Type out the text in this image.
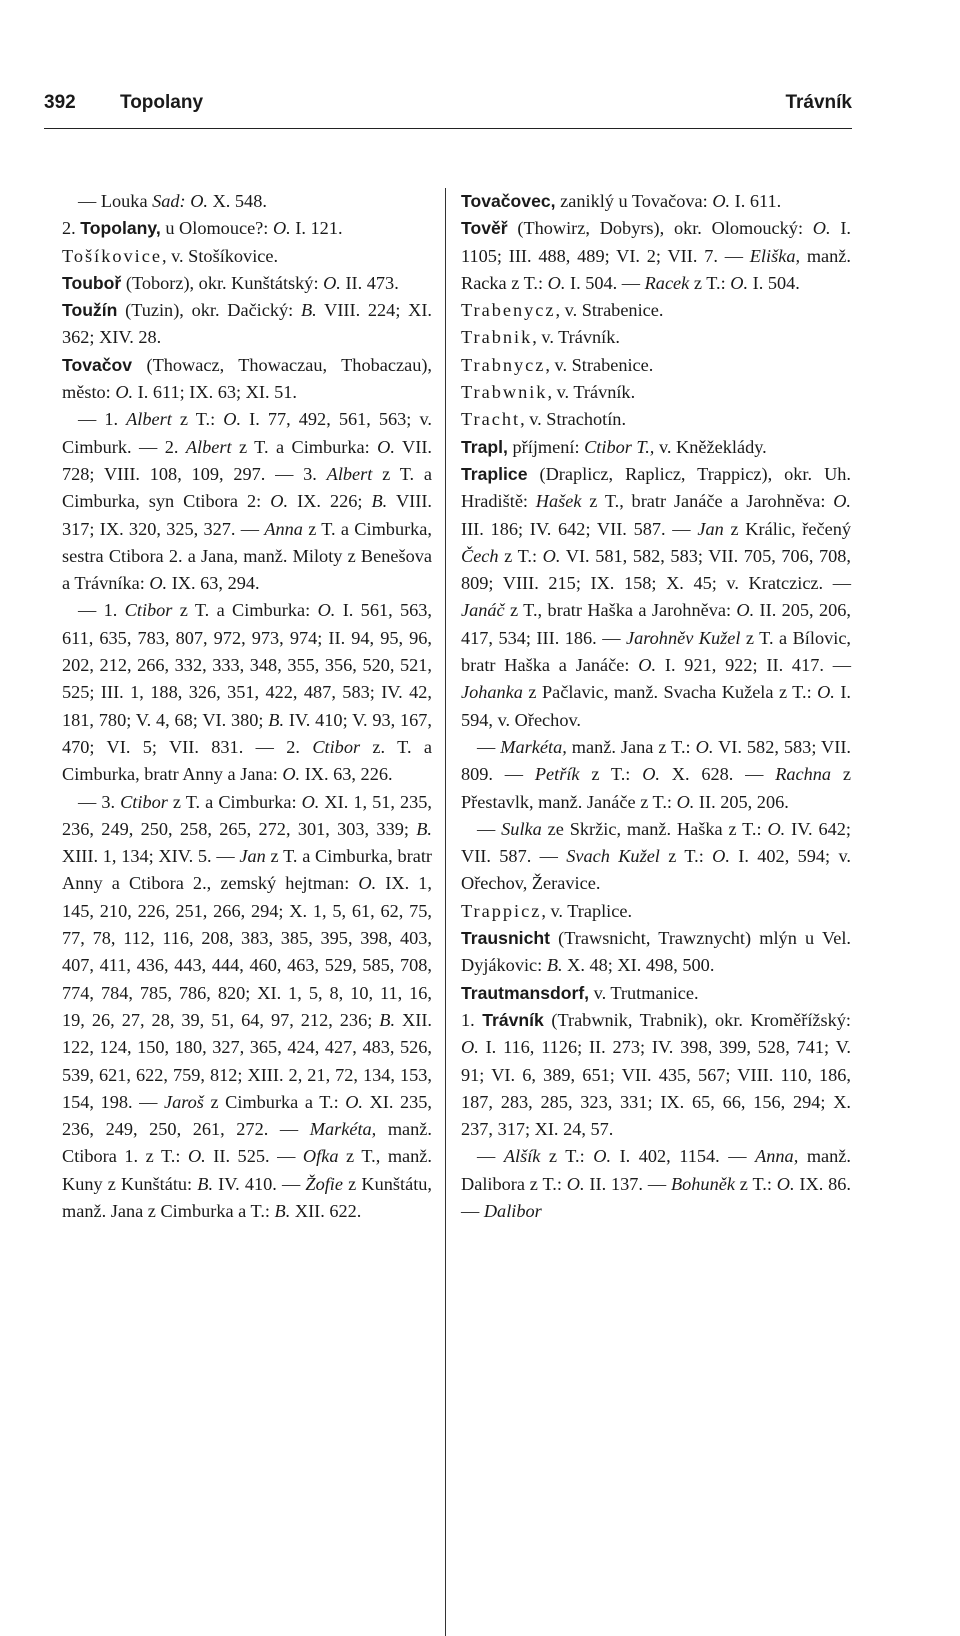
392 Topolany	Trávník

— Louka Sad: O. X. 548.

2. Topolany, u Olomouce?: O. I. 121.

Tošíkovice, v. Stošíkovice.

Touboř (Toborz), okr. Kunštátský: O. II. 473.

Toužín (Tuzin), okr. Dačický: B. VIII. 224; XI. 362; XIV. 28.

Tovačov (Thowacz, Thowaczau, Thobaczau), město: O. I. 611; IX. 63; XI. 51.

— 1. Albert z T.: O. I. 77, 492, 561, 563; v. Cimburk. — 2. Albert z T. a Cimburka: O. VII. 728; VIII. 108, 109, 297. — 3. Albert z T. a Cimburka, syn Ctibora 2: O. IX. 226; B. VIII. 317; IX. 320, 325, 327. — Anna z T. a Cimburka, sestra Ctibora 2. a Jana, manž. Miloty z Benešova a Trávníka: O. IX. 63, 294.

— 1. Ctibor z T. a Cimburka: O. I. 561, 563, 611, 635, 783, 807, 972, 973, 974; II. 94, 95, 96, 202, 212, 266, 332, 333, 348, 355, 356, 520, 521, 525; III. 1, 188, 326, 351, 422, 487, 583; IV. 42, 181, 780; V. 4, 68; VI. 380; B. IV. 410; V. 93, 167, 470; VI. 5; VII. 831. — 2. Ctibor z. T. a Cimburka, bratr Anny a Jana: O. IX. 63, 226.

— 3. Ctibor z T. a Cimburka: O. XI. 1, 51, 235, 236, 249, 250, 258, 265, 272, 301, 303, 339; B. XIII. 1, 134; XIV. 5. — Jan z T. a Cimburka, bratr Anny a Ctibora 2., zemský hejtman: O. IX. 1, 145, 210, 226, 251, 266, 294; X. 1, 5, 61, 62, 75, 77, 78, 112, 116, 208, 383, 385, 395, 398, 403, 407, 411, 436, 443, 444, 460, 463, 529, 585, 708, 774, 784, 785, 786, 820; XI. 1, 5, 8, 10, 11, 16, 19, 26, 27, 28, 39, 51, 64, 97, 212, 236; B. XII. 122, 124, 150, 180, 327, 365, 424, 427, 483, 526, 539, 621, 622, 759, 812; XIII. 2, 21, 72, 134, 153, 154, 198. — Jaroš z Cimburka a T.: O. XI. 235, 236, 249, 250, 261, 272. — Markéta, manž. Ctibora 1. z T.: O. II. 525. — Ofka z T., manž. Kuny z Kunštátu: B. IV. 410. — Žofie z Kunštátu, manž. Jana z Cimburka a T.: B. XII. 622.

Tovačovec, zaniklý u Tovačova: O. I. 611.

Tověř (Thowirz, Dobyrs), okr. Olomoucký: O. I. 1105; III. 488, 489; VI. 2; VII. 7. — Eliška, manž. Racka z T.: O. I. 504. — Racek z T.: O. I. 504.

Trabenycz, v. Strabenice.

Trabnik, v. Trávník.

Trabnycz, v. Strabenice.

Trabwnik, v. Trávník.

Tracht, v. Strachotín.

Trapl, příjmení: Ctibor T., v. Kněžeklády.

Traplice (Draplicz, Raplicz, Trappicz), okr. Uh. Hradiště: Hašek z T., bratr Janáče a Jarohněva: O. III. 186; IV. 642; VII. 587. — Jan z Králic, řečený Čech z T.: O. VI. 581, 582, 583; VII. 705, 706, 708, 809; VIII. 215; IX. 158; X. 45; v. Kratczicz. — Janáč z T., bratr Haška a Jarohněva: O. II. 205, 206, 417, 534; III. 186. — Jarohněv Kužel z T. a Bílovic, bratr Haška a Janáče: O. I. 921, 922; II. 417. — Johanka z Pačlavic, manž. Svacha Kužela z T.: O. I. 594, v. Ořechov.

— Markéta, manž. Jana z T.: O. VI. 582, 583; VII. 809. — Petřík z T.: O. X. 628. — Rachna z Přestavlk, manž. Janáče z T.: O. II. 205, 206.

— Sulka ze Skržic, manž. Haška z T.: O. IV. 642; VII. 587. — Svach Kužel z T.: O. I. 402, 594; v. Ořechov, Žeravice.

Trappicz, v. Traplice.

Trausnicht (Trawsnicht, Trawznycht) mlýn u Vel. Dyjákovic: B. X. 48; XI. 498, 500.

Trautmansdorf, v. Trutmanice.

1. Trávník (Trabwnik, Trabnik), okr. Kroměřížský: O. I. 116, 1126; II. 273; IV. 398, 399, 528, 741; V. 91; VI. 6, 389, 651; VII. 435, 567; VIII. 110, 186, 187, 283, 285, 323, 331; IX. 65, 66, 156, 294; X. 237, 317; XI. 24, 57.

— Alšík z T.: O. I. 402, 1154. — Anna, manž. Dalibora z T.: O. II. 137. — Bohuněk z T.: O. IX. 86. — Dalibor
